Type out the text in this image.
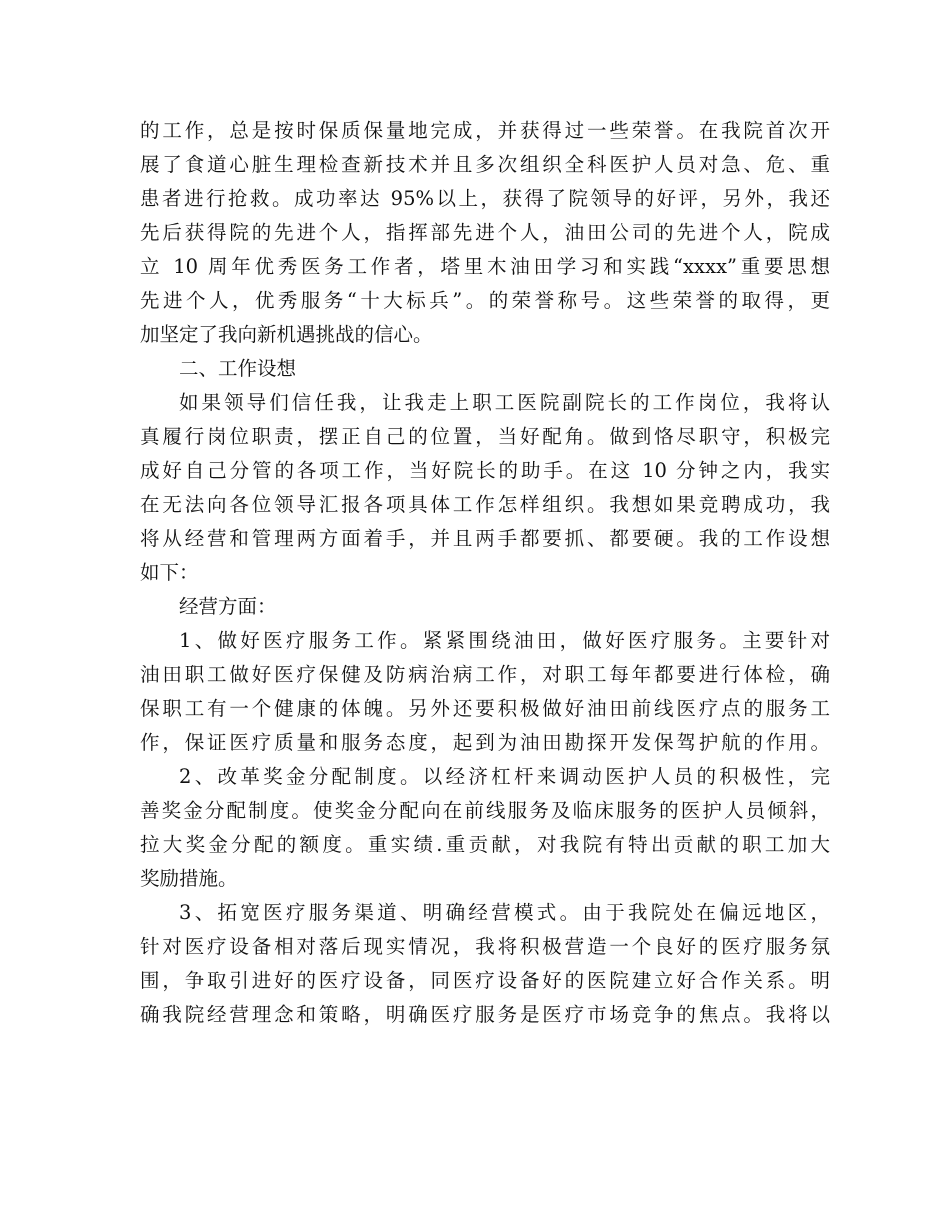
的工作，总是按时保质保量地完成，并获得过一些荣誉。在我院首次开
展了食道心脏生理检查新技术并且多次组织全科医护人员对急、危、重
患者进行抢救。成功率达 95%以上，获得了院领导的好评，另外，我还
先后获得院的先进个人，指挥部先进个人，油田公司的先进个人，院成
立 10 周年优秀医务工作者，塔里木油田学习和实践“xxxx”重要思想
先进个人，优秀服务“十大标兵”。的荣誉称号。这些荣誉的取得，更
加坚定了我向新机遇挑战的信心。
二、工作设想
如果领导们信任我，让我走上职工医院副院长的工作岗位，我将认
真履行岗位职责，摆正自己的位置，当好配角。做到恪尽职守，积极完
成好自己分管的各项工作，当好院长的助手。在这 10 分钟之内，我实
在无法向各位领导汇报各项具体工作怎样组织。我想如果竞聘成功，我
将从经营和管理两方面着手，并且两手都要抓、都要硬。我的工作设想
如下：
经营方面：
1、做好医疗服务工作。紧紧围绕油田，做好医疗服务。主要针对
油田职工做好医疗保健及防病治病工作，对职工每年都要进行体检，确
保职工有一个健康的体魄。另外还要积极做好油田前线医疗点的服务工
作，保证医疗质量和服务态度，起到为油田勘探开发保驾护航的作用。
2、改革奖金分配制度。以经济杠杆来调动医护人员的积极性，完
善奖金分配制度。使奖金分配向在前线服务及临床服务的医护人员倾斜，
拉大奖金分配的额度。重实绩.重贡献，对我院有特出贡献的职工加大
奖励措施。
3、拓宽医疗服务渠道、明确经营模式。由于我院处在偏远地区，
针对医疗设备相对落后现实情况，我将积极营造一个良好的医疗服务氛
围，争取引进好的医疗设备，同医疗设备好的医院建立好合作关系。明
确我院经营理念和策略，明确医疗服务是医疗市场竞争的焦点。我将以
